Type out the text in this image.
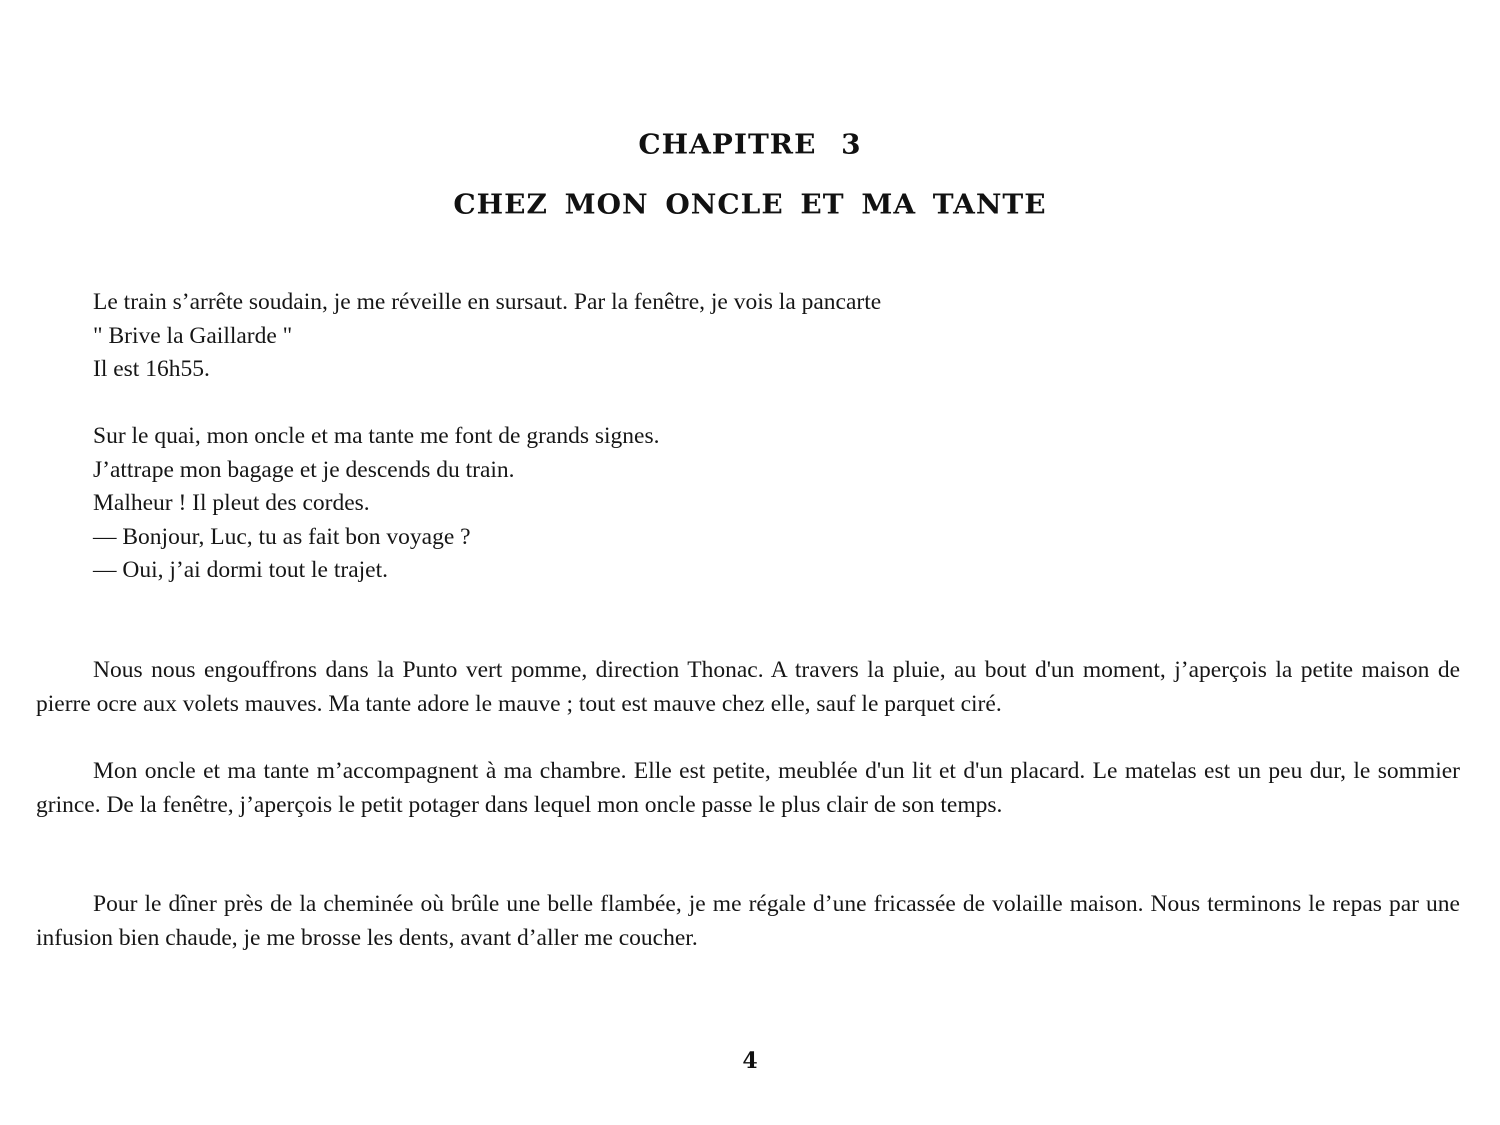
CHAPITRE 3
CHEZ MON ONCLE ET MA TANTE

Le train s’arrête soudain, je me réveille en sursaut. Par la fenêtre, je vois la pancarte
" Brive la Gaillarde "
Il est 16h55.

Sur le quai, mon oncle et ma tante me font de grands signes.
J’attrape mon bagage et je descends du train.
Malheur ! Il pleut des cordes.
— Bonjour, Luc, tu as fait bon voyage ?
— Oui, j’ai dormi tout le trajet.

Nous nous engouffrons dans la Punto vert pomme, direction Thonac. A travers la pluie, au bout d'un moment, j’aperçois la petite maison de pierre ocre aux volets mauves. Ma tante adore le mauve ; tout est mauve chez elle, sauf le parquet ciré.

Mon oncle et ma tante m’accompagnent à ma chambre. Elle est petite, meublée d'un lit et d'un placard. Le matelas est un peu dur, le sommier grince. De la fenêtre, j’aperçois le petit potager dans lequel mon oncle passe le plus clair de son temps.

Pour le dîner près de la cheminée où brûle une belle flambée, je me régale d’une fricassée de volaille maison. Nous terminons le repas par une infusion bien chaude, je me brosse les dents, avant d’aller me coucher.

4
